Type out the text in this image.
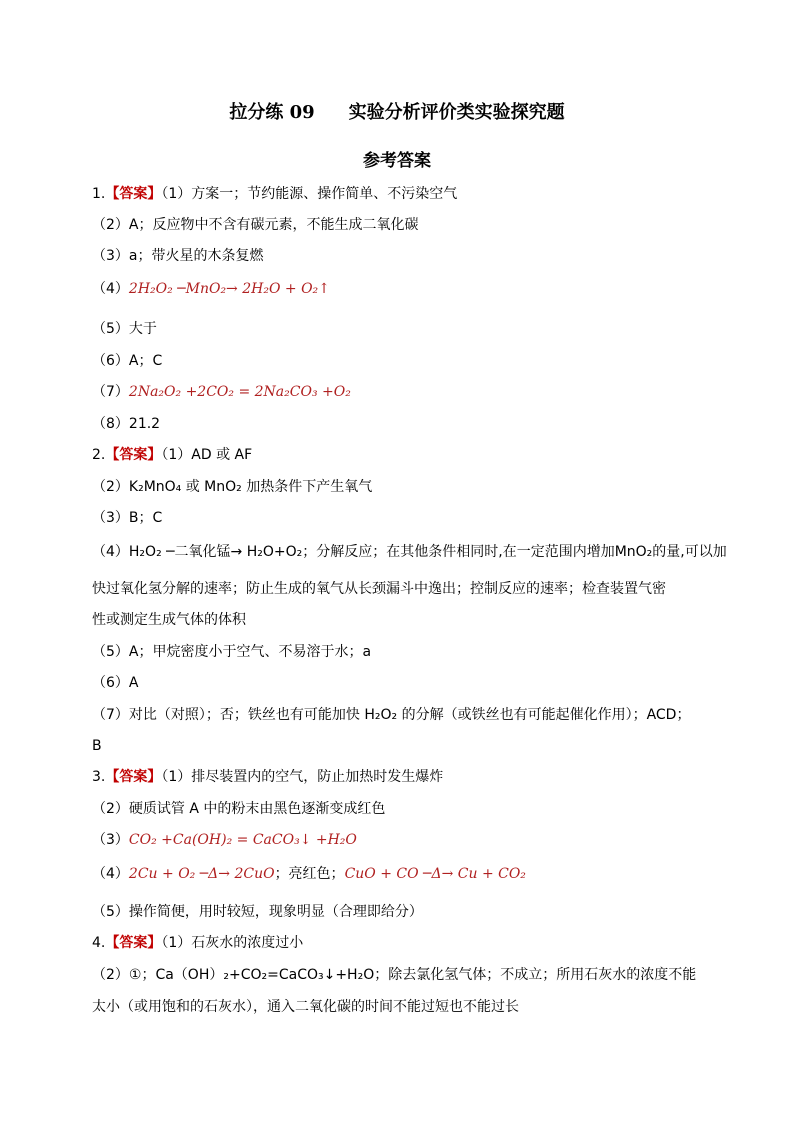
拉分练 09 实验分析评价类实验探究题
参考答案
1.【答案】（1）方案一；节约能源、操作简单、不污染空气
（2）A；反应物中不含有碳元素，不能生成二氧化碳
（3）a；带火星的木条复燃
（4）2H₂O₂ ─MnO₂→ 2H₂O + O₂↑
（5）大于
（6）A；C
（7）2Na₂O₂ +2CO₂ = 2Na₂CO₃ +O₂
（8）21.2
2.【答案】（1）AD 或 AF
（2）K₂MnO₄ 或 MnO₂ 加热条件下产生氧气
（3）B；C
（4）H₂O₂ ─二氧化锰→ H₂O+O₂；分解反应；在其他条件相同时,在一定范围内增加MnO₂的量,可以加
快过氧化氢分解的速率；防止生成的氧气从长颈漏斗中逸出；控制反应的速率；检查装置气密
性或测定生成气体的体积
（5）A；甲烷密度小于空气、不易溶于水；a
（6）A
（7）对比（对照）；否；铁丝也有可能加快 H₂O₂ 的分解（或铁丝也有可能起催化作用）；ACD；
B
3.【答案】（1）排尽装置内的空气，防止加热时发生爆炸
（2）硬质试管 A 中的粉末由黑色逐渐变成红色
（3）CO₂ +Ca(OH)₂ = CaCO₃↓ +H₂O
（4）2Cu + O₂ ─Δ→ 2CuO；亮红色；CuO + CO ─Δ→ Cu + CO₂
（5）操作简便，用时较短，现象明显（合理即给分）
4.【答案】（1）石灰水的浓度过小
（2）①；Ca（OH）₂+CO₂=CaCO₃↓+H₂O；除去氯化氢气体；不成立；所用石灰水的浓度不能
太小（或用饱和的石灰水），通入二氧化碳的时间不能过短也不能过长
